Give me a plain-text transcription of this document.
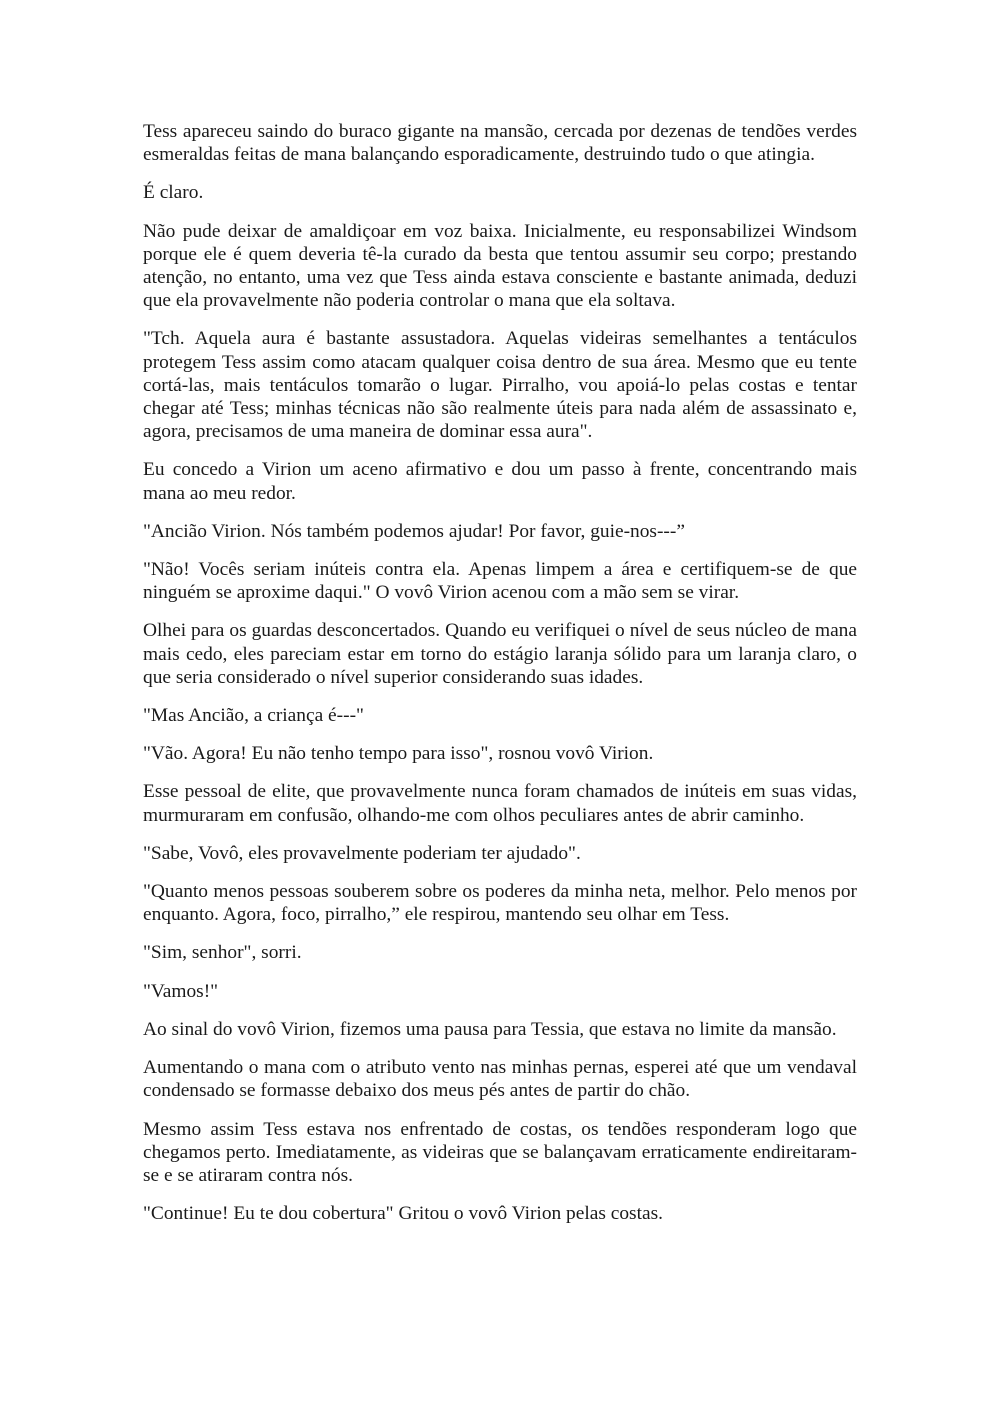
Tess apareceu saindo do buraco gigante na mansão, cercada por dezenas de tendões verdes esmeraldas feitas de mana balançando esporadicamente, destruindo tudo o que atingia.

É claro.

Não pude deixar de amaldiçoar em voz baixa. Inicialmente, eu responsabilizei Windsom porque ele é quem deveria tê-la curado da besta que tentou assumir seu corpo; prestando atenção, no entanto, uma vez que Tess ainda estava consciente e bastante animada, deduzi que ela provavelmente não poderia controlar o mana que ela soltava.

"Tch. Aquela aura é bastante assustadora. Aquelas videiras semelhantes a tentáculos protegem Tess assim como atacam qualquer coisa dentro de sua área. Mesmo que eu tente cortá-las, mais tentáculos tomarão o lugar. Pirralho, vou apoiá-lo pelas costas e tentar chegar até Tess; minhas técnicas não são realmente úteis para nada além de assassinato e, agora, precisamos de uma maneira de dominar essa aura".

Eu concedo a Virion um aceno afirmativo e dou um passo à frente, concentrando mais mana ao meu redor.

"Ancião Virion. Nós também podemos ajudar! Por favor, guie-nos---”

"Não! Vocês seriam inúteis contra ela. Apenas limpem a área e certifiquem-se de que ninguém se aproxime daqui." O vovô Virion acenou com a mão sem se virar.

Olhei para os guardas desconcertados. Quando eu verifiquei o nível de seus núcleo de mana mais cedo, eles pareciam estar em torno do estágio laranja sólido para um laranja claro, o que seria considerado o nível superior considerando suas idades.

"Mas Ancião, a criança é---"

"Vão. Agora! Eu não tenho tempo para isso", rosnou vovô Virion.

Esse pessoal de elite, que provavelmente nunca foram chamados de inúteis em suas vidas, murmuraram em confusão, olhando-me com olhos peculiares antes de abrir caminho.

"Sabe, Vovô, eles provavelmente poderiam ter ajudado".

"Quanto menos pessoas souberem sobre os poderes da minha neta, melhor. Pelo menos por enquanto. Agora, foco, pirralho,” ele respirou, mantendo seu olhar em Tess.

"Sim, senhor", sorri.

"Vamos!"

Ao sinal do vovô Virion, fizemos uma pausa para Tessia, que estava no limite da mansão.

Aumentando o mana com o atributo vento nas minhas pernas, esperei até que um vendaval condensado se formasse debaixo dos meus pés antes de partir do chão.

Mesmo assim Tess estava nos enfrentado de costas, os tendões responderam logo que chegamos perto. Imediatamente, as videiras que se balançavam erraticamente endireitaram-se e se atiraram contra nós.

"Continue! Eu te dou cobertura" Gritou o vovô Virion pelas costas.
